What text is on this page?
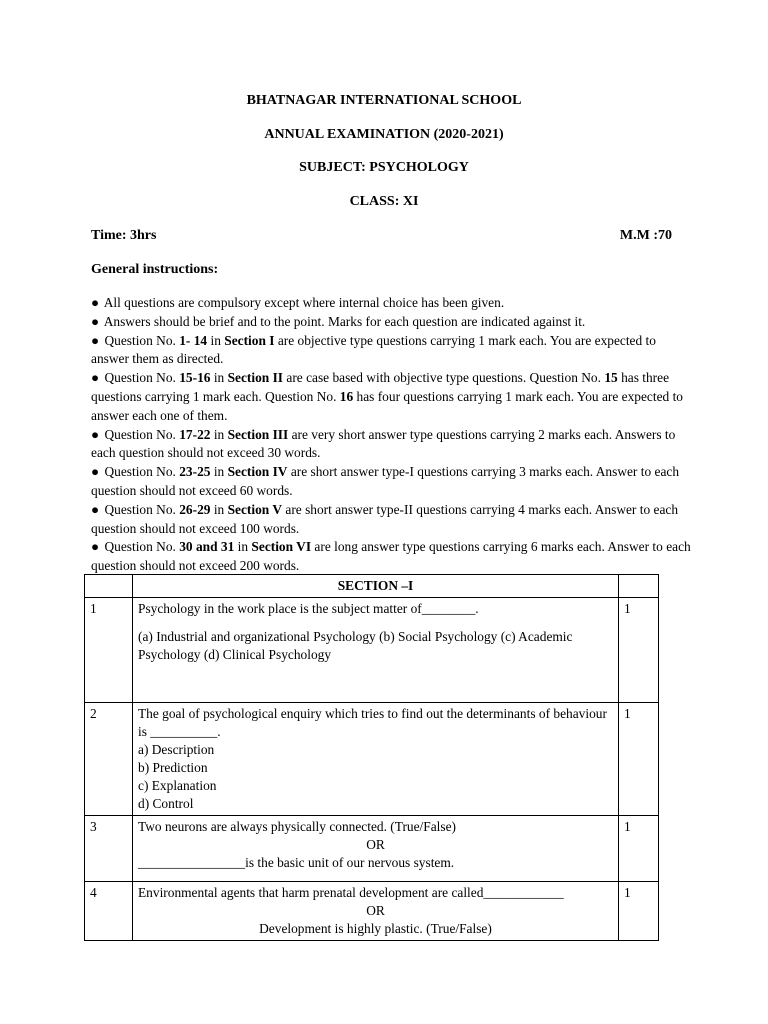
BHATNAGAR INTERNATIONAL SCHOOL
ANNUAL EXAMINATION (2020-2021)
SUBJECT: PSYCHOLOGY
CLASS: XI
Time: 3hrs	M.M :70
General instructions:

● All questions are compulsory except where internal choice has been given.

● Answers should be brief and to the point. Marks for each question are indicated against it.

● Question No. 1- 14 in Section I are objective type questions carrying 1 mark each. You are expected to answer them as directed.

● Question No. 15-16 in Section II are case based with objective type questions. Question No. 15 has three questions carrying 1 mark each. Question No. 16 has four questions carrying 1 mark each. You are expected to answer each one of them.

● Question No. 17-22 in Section III are very short answer type questions carrying 2 marks each. Answers to each question should not exceed 30 words.

● Question No. 23-25 in Section IV are short answer type-I questions carrying 3 marks each. Answer to each question should not exceed 60 words.

● Question No. 26-29 in Section V are short answer type-II questions carrying 4 marks each. Answer to each question should not exceed 100 words.

● Question No. 30 and 31 in Section VI are long answer type questions carrying 6 marks each. Answer to each question should not exceed 200 words.

	SECTION –I	
1	Psychology in the work place is the subject matter of________.
(a) Industrial and organizational Psychology (b) Social Psychology (c) Academic Psychology (d) Clinical Psychology	1
2	The goal of psychological enquiry which tries to find out the determinants of behaviour is __________.
a) Description
b) Prediction
c) Explanation
d) Control	1
3	Two neurons are always physically connected. (True/False)
OR
________________is the basic unit of our nervous system.	1
4	Environmental agents that harm prenatal development are called____________
OR
Development is highly plastic. (True/False)	1
